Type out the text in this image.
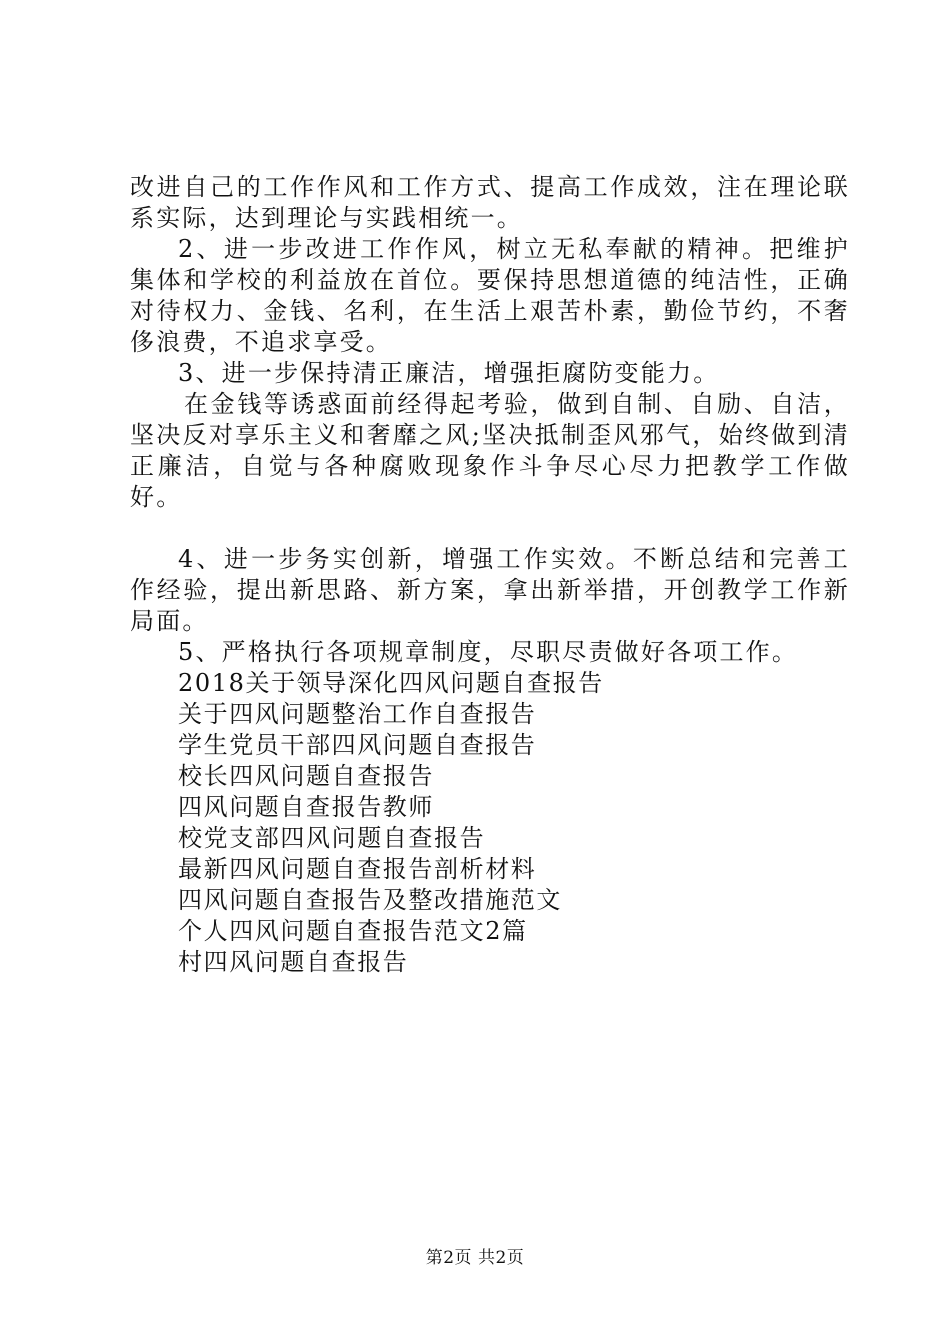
改进自己的工作作风和工作方式、提高工作成效，注在理论联系实际，达到理论与实践相统一。

2、进一步改进工作作风，树立无私奉献的精神。把维护集体和学校的利益放在首位。要保持思想道德的纯洁性，正确对待权力、金钱、名利，在生活上艰苦朴素，勤俭节约，不奢侈浪费，不追求享受。

3、进一步保持清正廉洁，增强拒腐防变能力。

在金钱等诱惑面前经得起考验，做到自制、自励、自洁，坚决反对享乐主义和奢靡之风;坚决抵制歪风邪气，始终做到清正廉洁，自觉与各种腐败现象作斗争尽心尽力把教学工作做好。

4、进一步务实创新，增强工作实效。不断总结和完善工作经验，提出新思路、新方案，拿出新举措，开创教学工作新局面。

5、严格执行各项规章制度，尽职尽责做好各项工作。

2018关于领导深化四风问题自查报告
关于四风问题整治工作自查报告
学生党员干部四风问题自查报告
校长四风问题自查报告
四风问题自查报告教师
校党支部四风问题自查报告
最新四风问题自查报告剖析材料
四风问题自查报告及整改措施范文
个人四风问题自查报告范文2篇
村四风问题自查报告
第2页 共2页
